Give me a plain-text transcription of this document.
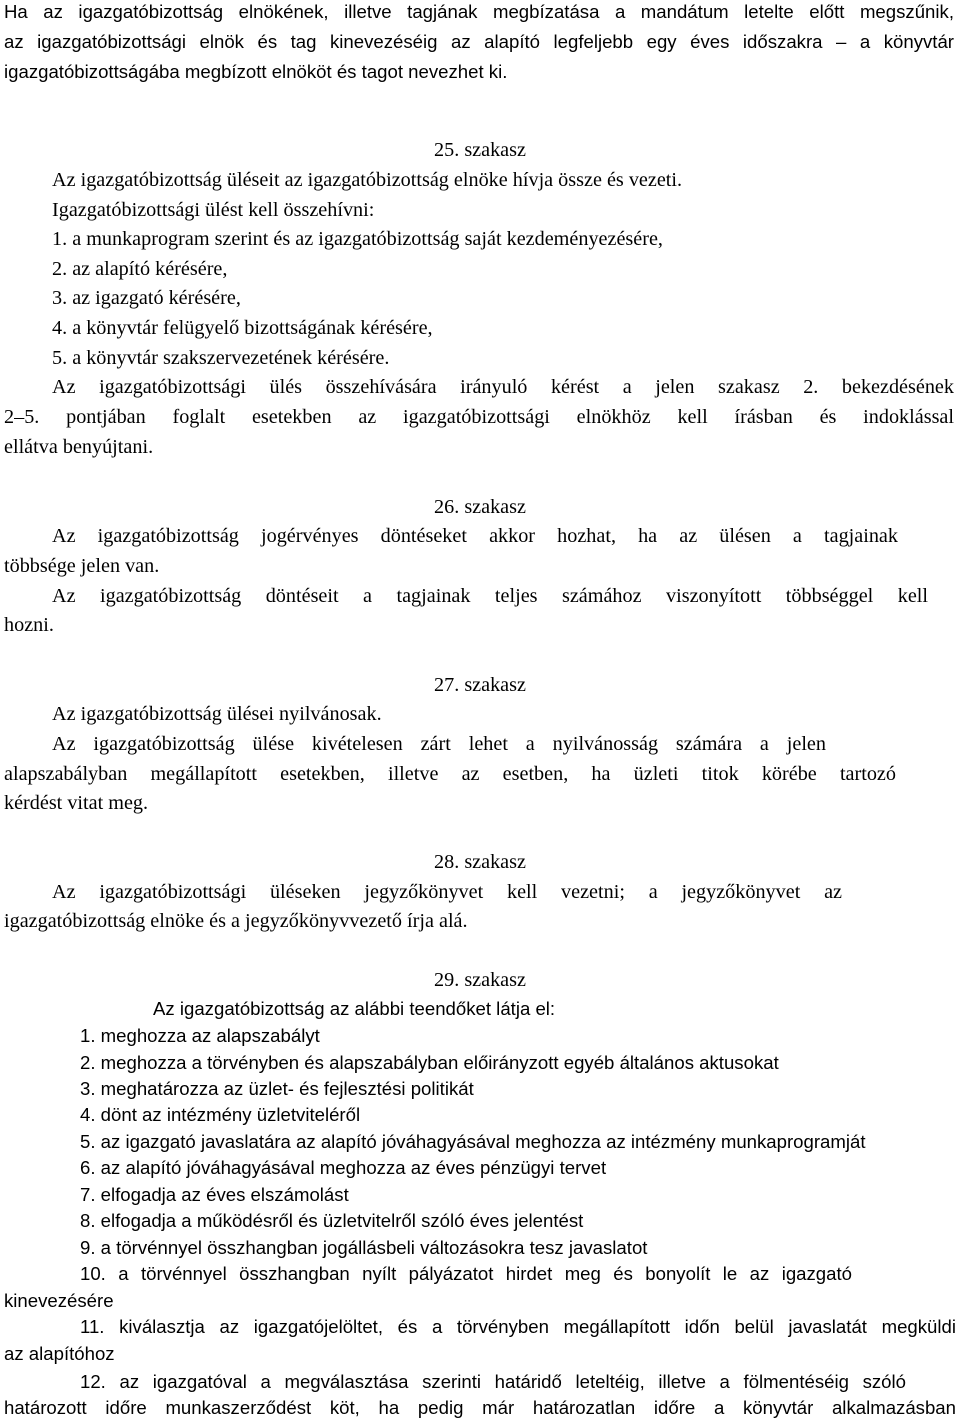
Ha az igazgatóbizottság elnökének, illetve tagjának megbízatása a mandátum letelte előtt megszűnik,
az igazgatóbizottsági elnök és tag kinevezéséig az alapító legfeljebb egy éves időszakra – a könyvtár
igazgatóbizottságába megbízott elnököt és tagot nevezhet ki.
25. szakasz
Az igazgatóbizottság üléseit az igazgatóbizottság elnöke hívja össze és vezeti.
Igazgatóbizottsági ülést kell összehívni:
1. a munkaprogram szerint és az igazgatóbizottság saját kezdeményezésére,
2. az alapító kérésére,
3. az igazgató kérésére,
4. a könyvtár felügyelő bizottságának kérésére,
5. a könyvtár szakszervezetének kérésére.
Az igazgatóbizottsági ülés összehívására irányuló kérést a jelen szakasz 2. bekezdésének
2–5. pontjában foglalt esetekben az igazgatóbizottsági elnökhöz kell írásban és indoklással
ellátva benyújtani.
26. szakasz
Az igazgatóbizottság jogérvényes döntéseket akkor hozhat, ha az ülésen a tagjainak
többsége jelen van.
Az igazgatóbizottság döntéseit a tagjainak teljes számához viszonyított többséggel kell
hozni.
27. szakasz
Az igazgatóbizottság ülései nyilvánosak.
Az igazgatóbizottság ülése kivételesen zárt lehet a nyilvánosság számára a jelen
alapszabályban megállapított esetekben, illetve az esetben, ha üzleti titok körébe tartozó
kérdést vitat meg.
28. szakasz
Az igazgatóbizottsági üléseken jegyzőkönyvet kell vezetni; a jegyzőkönyvet az
igazgatóbizottság elnöke és a jegyzőkönyvvezető írja alá.
29. szakasz
Az igazgatóbizottság az alábbi teendőket látja el:
1. meghozza az alapszabályt
2. meghozza a törvényben és alapszabályban előirányzott egyéb általános aktusokat
3. meghatározza az üzlet- és fejlesztési politikát
4. dönt az intézmény üzletviteléről
5. az igazgató javaslatára az alapító jóváhagyásával meghozza az intézmény munkaprogramját
6. az alapító jóváhagyásával meghozza az éves pénzügyi tervet
7. elfogadja az éves elszámolást
8. elfogadja a működésről és üzletvitelről szóló éves jelentést
9. a törvénnyel összhangban jogállásbeli változásokra tesz javaslatot
10. a törvénnyel összhangban nyílt pályázatot hirdet meg és bonyolít le az igazgató
kinevezésére
11. kiválasztja az igazgatójelöltet, és a törvényben megállapított időn belül javaslatát megküldi
az alapítóhoz
12. az igazgatóval a megválasztása szerinti határidő leteltéig, illetve a fölmentéséig szóló
határozott időre munkaszerződést köt, ha pedig már határozatlan időre a könyvtár alkalmazásban
